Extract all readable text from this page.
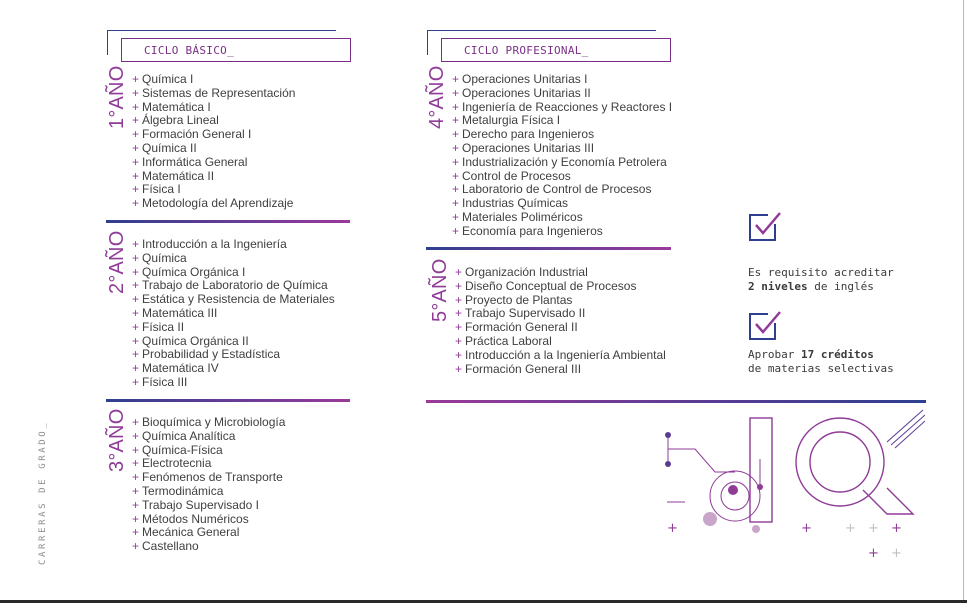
CARRERAS DE GRADO_
CICLO BÁSICO_	CICLO PROFESIONAL_
1°AÑO + Química I
+ Sistemas de Representación
+ Matemática I
+ Álgebra Lineal
+ Formación General I
+ Química II
+ Informática General
+ Matemática II
+ Física I
+ Metodología del Aprendizaje
2°AÑO + Introducción a la Ingeniería
+ Química
+ Química Orgánica I
+ Trabajo de Laboratorio de Química
+ Estática y Resistencia de Materiales
+ Matemática III
+ Física II
+ Química Orgánica II
+ Probabilidad y Estadística
+ Matemática IV
+ Física III
3°AÑO + Bioquímica y Microbiología
+ Química Analítica
+ Química-Física
+ Electrotecnia
+ Fenómenos de Transporte
+ Termodinámica
+ Trabajo Supervisado I
+ Métodos Numéricos
+ Mecánica General
+ Castellano
4°AÑO + Operaciones Unitarias I
+ Operaciones Unitarias II
+ Ingeniería de Reacciones y Reactores I
+ Metalurgia Física I
+ Derecho para Ingenieros
+ Operaciones Unitarias III
+ Industrialización y Economía Petrolera
+ Control de Procesos
+ Laboratorio de Control de Procesos
+ Industrias Químicas
+ Materiales Poliméricos
+ Economía para Ingenieros
5°AÑO + Organización Industrial
+ Diseño Conceptual de Procesos
+ Proyecto de Plantas
+ Trabajo Supervisado II
+ Formación General II
+ Práctica Laboral
+ Introducción a la Ingeniería Ambiental
+ Formación General III
Es requisito acreditar
2 niveles de inglés
Aprobar 17 créditos
de materias selectivas
+	+	+ + +
+ +
